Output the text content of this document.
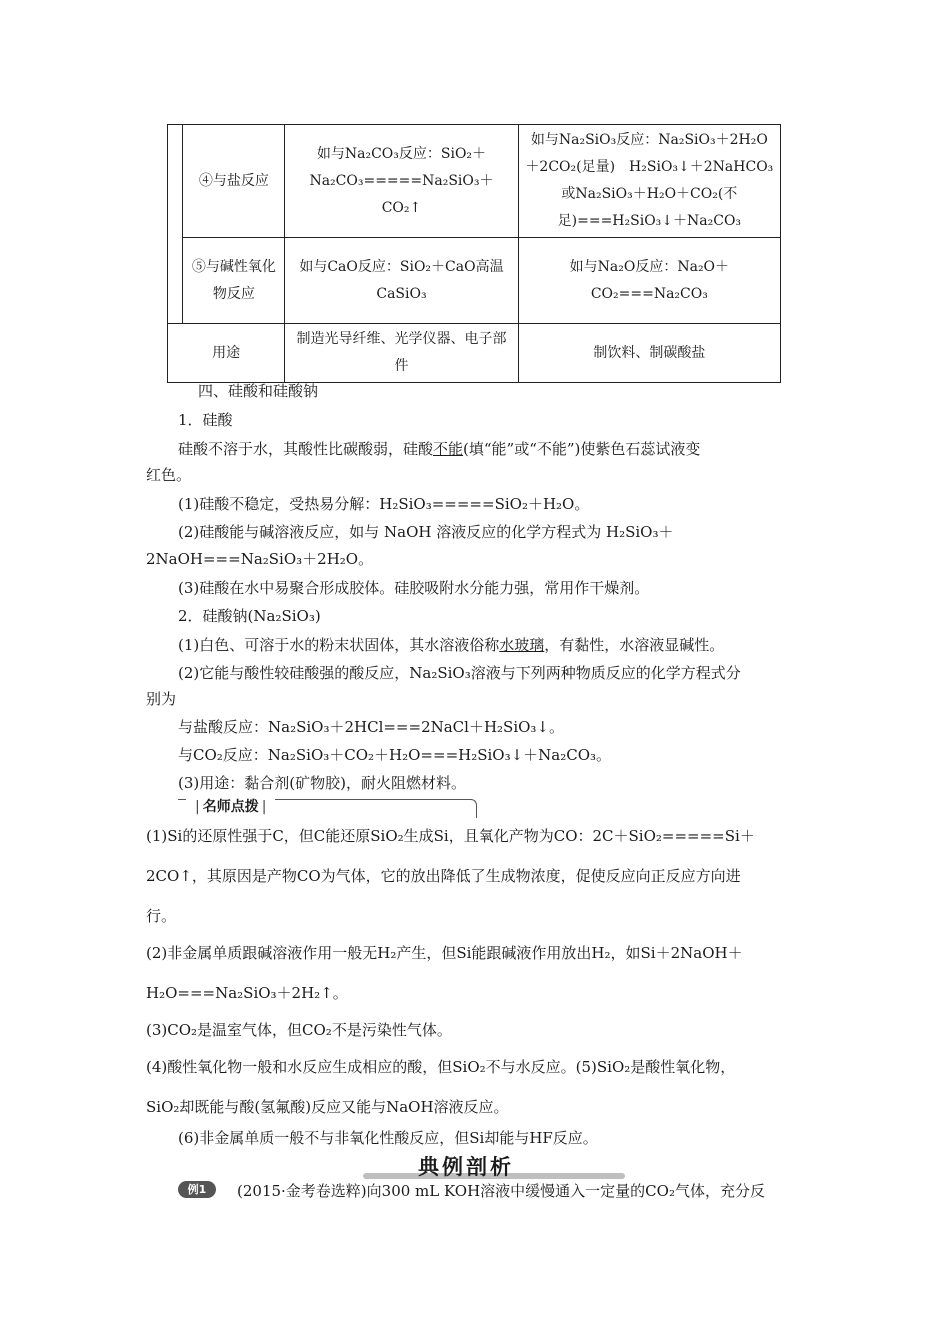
	④与盐反应	如与Na₂CO₃反应：SiO₂＋Na₂CO₃=====Na₂SiO₃＋CO₂↑	如与Na₂SiO₃反应：Na₂SiO₃＋2H₂O＋2CO₂(足量)　H₂SiO₃↓＋2NaHCO₃或Na₂SiO₃＋H₂O＋CO₂(不足)===H₂SiO₃↓＋Na₂CO₃
	⑤与碱性氧化物反应	如与CaO反应：SiO₂＋CaO高温CaSiO₃	如与Na₂O反应：Na₂O＋CO₂===Na₂CO₃
用途		制造光导纤维、光学仪器、电子部件	制饮料、制碳酸盐
四、硅酸和硅酸钠
1．硅酸
硅酸不溶于水，其酸性比碳酸弱，硅酸不能(填“能”或“不能”)使紫色石蕊试液变
红色。
(1)硅酸不稳定，受热易分解：H₂SiO₃=====SiO₂＋H₂O。
(2)硅酸能与碱溶液反应，如与 NaOH 溶液反应的化学方程式为 H₂SiO₃＋
2NaOH===Na₂SiO₃＋2H₂O。
(3)硅酸在水中易聚合形成胶体。硅胶吸附水分能力强，常用作干燥剂。
2．硅酸钠(Na₂SiO₃)
(1)白色、可溶于水的粉末状固体，其水溶液俗称水玻璃，有黏性，水溶液显碱性。
(2)它能与酸性较硅酸强的酸反应，Na₂SiO₃溶液与下列两种物质反应的化学方程式分
别为
与盐酸反应：Na₂SiO₃＋2HCl===2NaCl＋H₂SiO₃↓。
与CO₂反应：Na₂SiO₃＋CO₂＋H₂O===H₂SiO₃↓＋Na₂CO₃。
(3)用途：黏合剂(矿物胶)，耐火阻燃材料。
| 名师点拨 |
(1)Si的还原性强于C，但C能还原SiO₂生成Si，且氧化产物为CO：2C＋SiO₂=====Si＋
2CO↑，其原因是产物CO为气体，它的放出降低了生成物浓度，促使反应向正反应方向进
行。
(2)非金属单质跟碱溶液作用一般无H₂产生，但Si能跟碱液作用放出H₂，如Si＋2NaOH＋
H₂O===Na₂SiO₃＋2H₂↑。
(3)CO₂是温室气体，但CO₂不是污染性气体。
(4)酸性氧化物一般和水反应生成相应的酸，但SiO₂不与水反应。(5)SiO₂是酸性氧化物，
SiO₂却既能与酸(氢氟酸)反应又能与NaOH溶液反应。
(6)非金属单质一般不与非氧化性酸反应，但Si却能与HF反应。
典例剖析
例1	(2015·金考卷选粹)向300 mL KOH溶液中缓慢通入一定量的CO₂气体，充分反
